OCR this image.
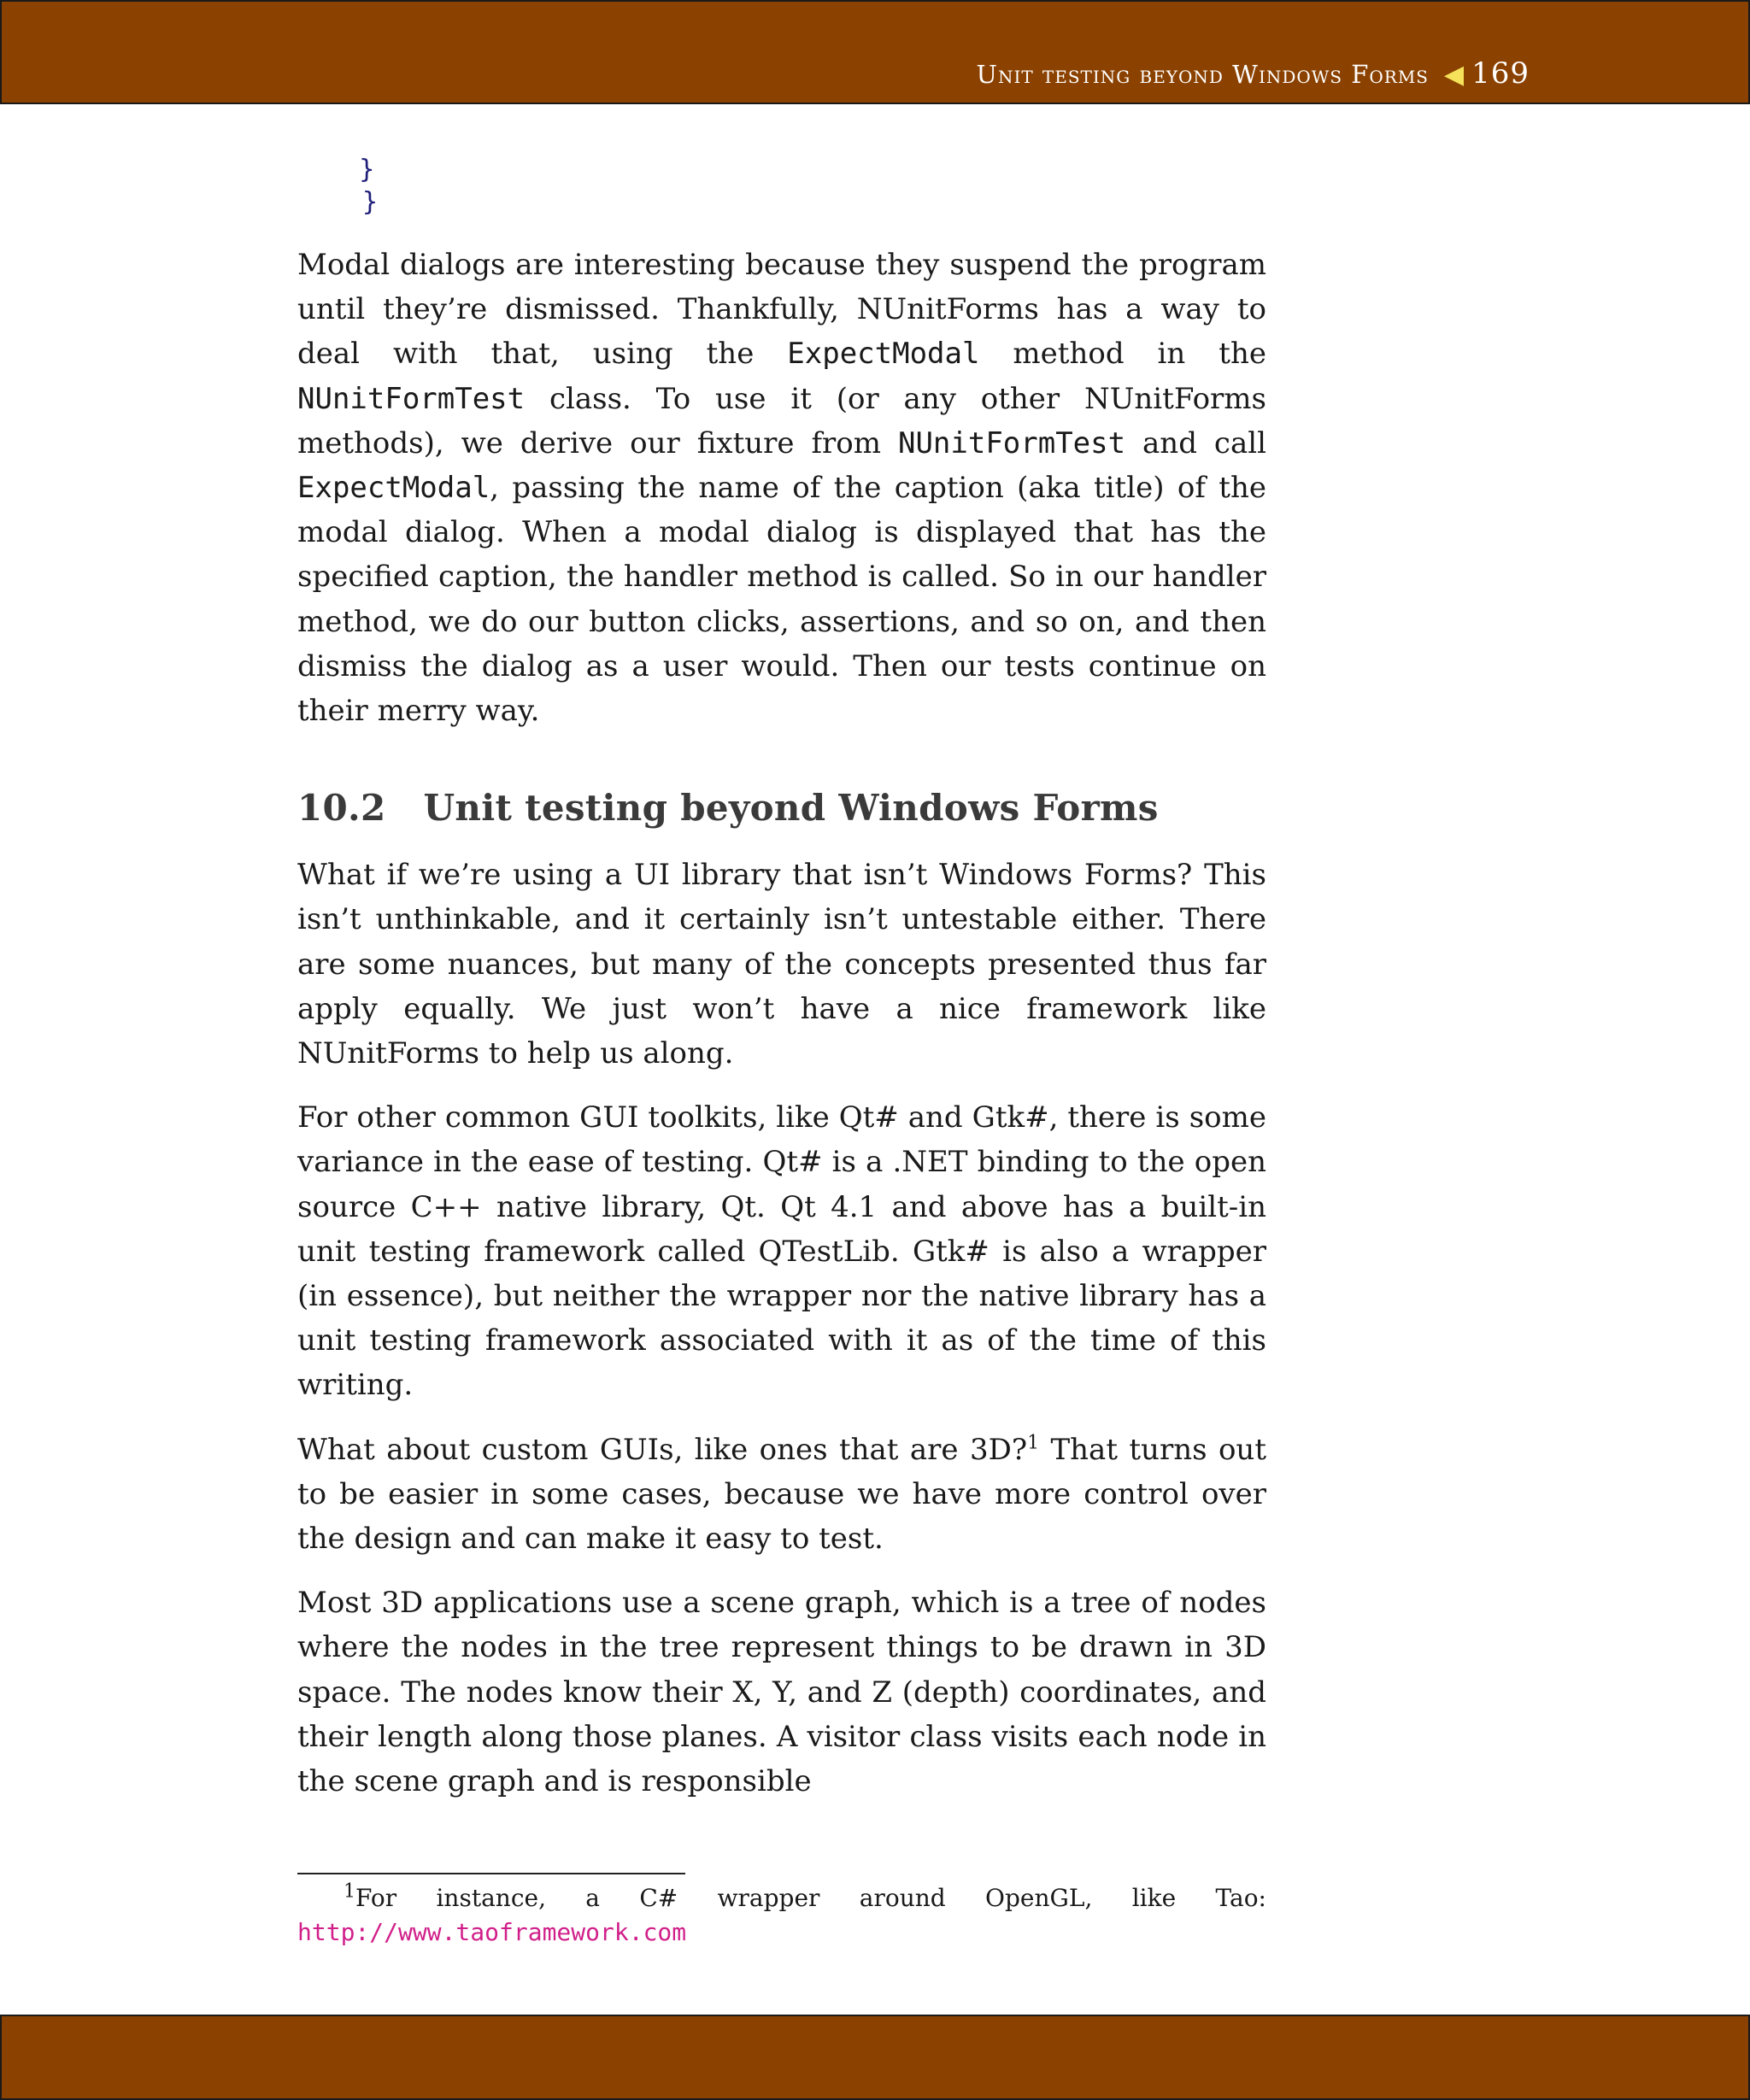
Unit testing beyond Windows Forms ◀ 169
}
}

Modal dialogs are interesting because they suspend the program until they’re dismissed. Thankfully, NUnitForms has a way to deal with that, using the ExpectModal method in the NUnitFormTest class. To use it (or any other NUnitForms methods), we derive our fixture from NUnitFormTest and call ExpectModal, passing the name of the caption (aka title) of the modal dialog. When a modal dialog is displayed that has the specified caption, the handler method is called. So in our handler method, we do our button clicks, assertions, and so on, and then dismiss the dialog as a user would. Then our tests continue on their merry way.

10.2 Unit testing beyond Windows Forms

What if we’re using a UI library that isn’t Windows Forms? This isn’t unthinkable, and it certainly isn’t untestable either. There are some nuances, but many of the concepts presented thus far apply equally. We just won’t have a nice framework like NUnitForms to help us along.

For other common GUI toolkits, like Qt# and Gtk#, there is some variance in the ease of testing. Qt# is a .NET binding to the open source C++ native library, Qt. Qt 4.1 and above has a built-in unit testing framework called QTestLib. Gtk# is also a wrapper (in essence), but neither the wrapper nor the native library has a unit testing framework associated with it as of the time of this writing.

What about custom GUIs, like ones that are 3D?$^1$ That turns out to be easier in some cases, because we have more control over the design and can make it easy to test.

Most 3D applications use a scene graph, which is a tree of nodes where the nodes in the tree represent things to be drawn in 3D space. The nodes know their X, Y, and Z (depth) coordinates, and their length along those planes. A visitor class visits each node in the scene graph and is responsible

$^1$For instance, a C# wrapper around OpenGL, like Tao:
http://www.taoframework.com
